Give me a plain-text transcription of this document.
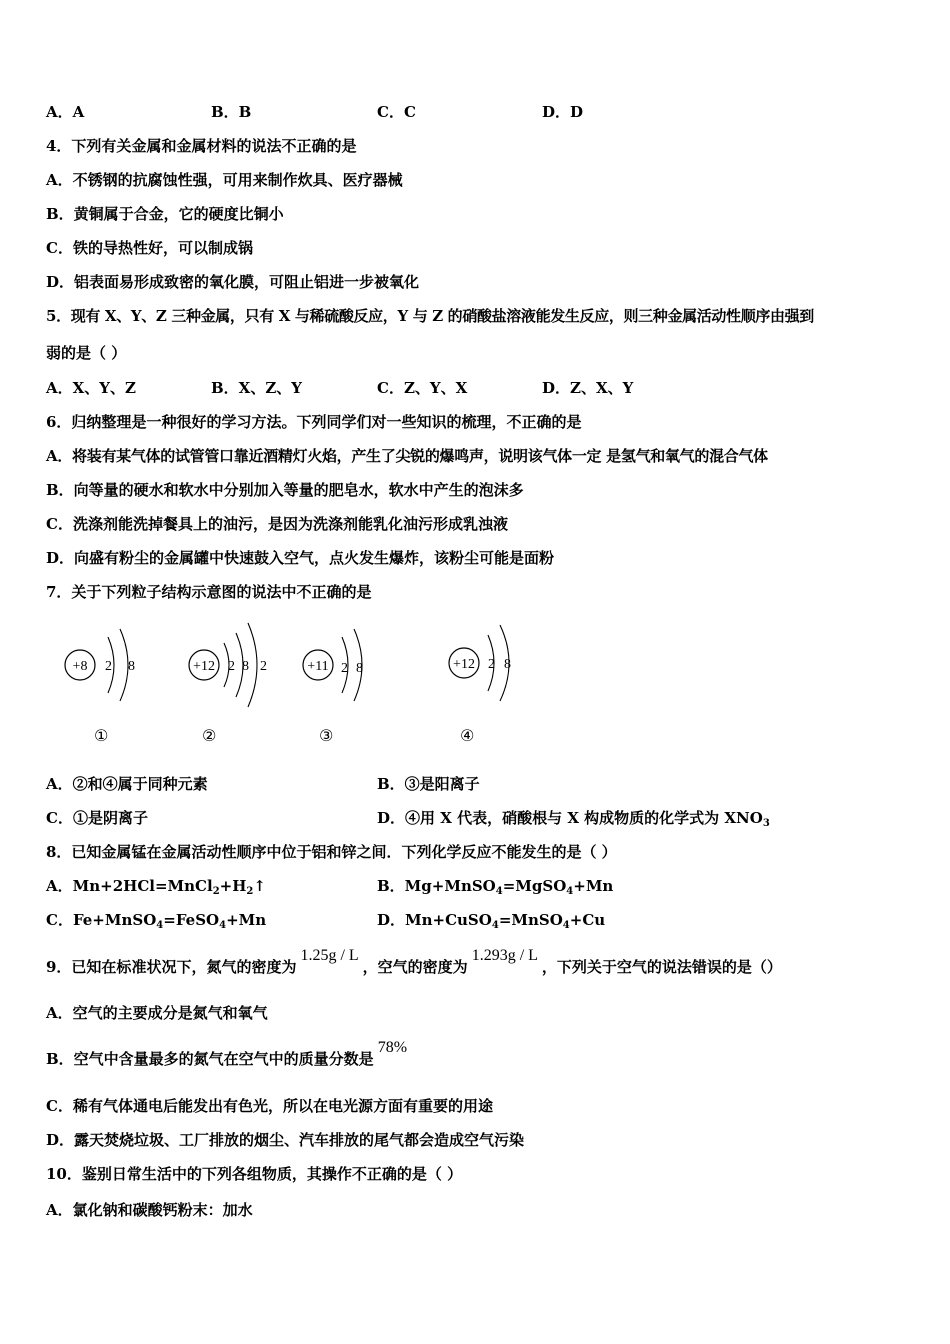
A．A	B．B	C．C	D．D
4．下列有关金属和金属材料的说法不正确的是
A．不锈钢的抗腐蚀性强，可用来制作炊具、医疗器械
B．黄铜属于合金，它的硬度比铜小
C．铁的导热性好，可以制成锅
D．铝表面易形成致密的氧化膜，可阻止铝进一步被氧化
5．现有 X、Y、Z 三种金属，只有 X 与稀硫酸反应，Y 与 Z 的硝酸盐溶液能发生反应，则三种金属活动性顺序由强到
弱的是（ ）
A．X、Y、Z	B．X、Z、Y	C．Z、Y、X	D．Z、X、Y
6．归纳整理是一种很好的学习方法。下列同学们对一些知识的梳理，不正确的是
A．将装有某气体的试管管口靠近酒精灯火焰，产生了尖锐的爆鸣声，说明该气体一定 是氢气和氧气的混合气体
B．向等量的硬水和软水中分别加入等量的肥皂水，软水中产生的泡沫多
C．洗涤剂能洗掉餐具上的油污，是因为洗涤剂能乳化油污形成乳浊液
D．向盛有粉尘的金属罐中快速鼓入空气，点火发生爆炸，该粉尘可能是面粉
7．关于下列粒子结构示意图的说法中不正确的是
+8 2 8	+12 2 8 2	+11 2 8	+12 2 8
①	②	③	④
A．②和④属于同种元素	B．③是阳离子
C．①是阴离子	D．④用 X 代表，硝酸根与 X 构成物质的化学式为 $XNO_3$
8．已知金属锰在金属活动性顺序中位于铝和锌之间．下列化学反应不能发生的是（ ）
A．$Mn+2HCl=MnCl_2+H_2↑$	B．Mg+MnSO$_4$=MgSO$_4$+Mn
C．Fe+MnSO$_4$=FeSO$_4$+Mn	D．Mn+CuSO$_4$=MnSO$_4$+Cu
9．已知在标准状况下，氮气的密度为1.25g / L，空气的密度为1.293g / L，下列关于空气的说法错误的是（）
A．空气的主要成分是氮气和氧气
B．空气中含量最多的氮气在空气中的质量分数是78%
C．稀有气体通电后能发出有色光，所以在电光源方面有重要的用途
D．露天焚烧垃圾、工厂排放的烟尘、汽车排放的尾气都会造成空气污染
10．鉴别日常生活中的下列各组物质，其操作不正确的是（ ）
A．氯化钠和碳酸钙粉末：加水
